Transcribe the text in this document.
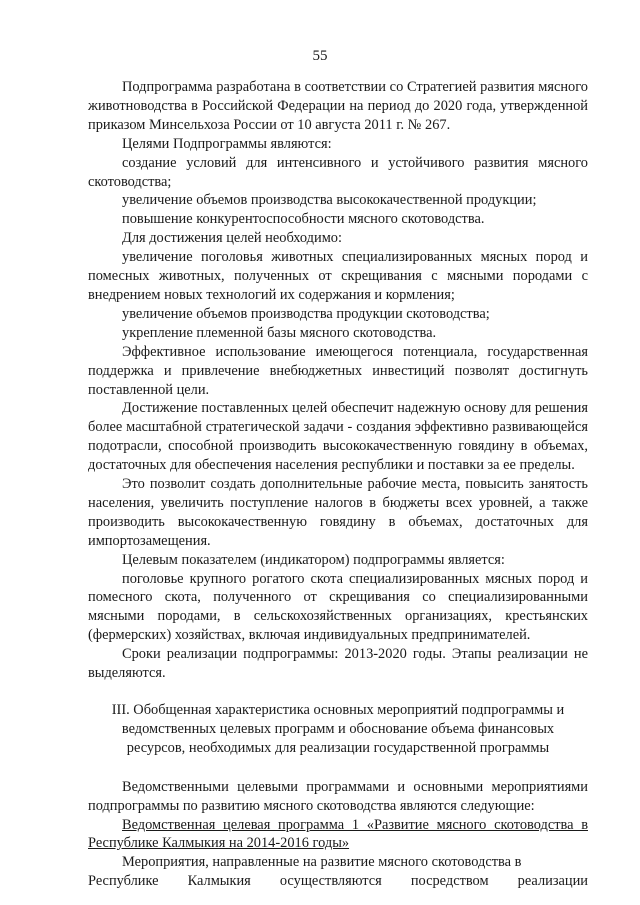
55

Подпрограмма разработана в соответствии со Стратегией развития мясного животноводства в Российской Федерации на период до 2020 года, утвержденной приказом Минсельхоза России от 10 августа 2011 г. № 267.

Целями Подпрограммы являются:

создание условий для интенсивного и устойчивого развития мясного скотоводства;

увеличение объемов производства высококачественной продукции;

повышение конкурентоспособности мясного скотоводства.

Для достижения целей необходимо:

увеличение поголовья животных специализированных мясных пород и помесных животных, полученных от скрещивания с мясными породами с внедрением новых технологий их содержания и кормления;

увеличение объемов производства продукции скотоводства;

укрепление племенной базы мясного скотоводства.

Эффективное использование имеющегося потенциала, государственная поддержка и привлечение внебюджетных инвестиций позволят достигнуть поставленной цели.

Достижение поставленных целей обеспечит надежную основу для решения более масштабной стратегической задачи - создания эффективно развивающейся подотрасли, способной производить высококачественную говядину в объемах, достаточных для обеспечения населения республики и поставки за ее пределы.

Это позволит создать дополнительные рабочие места, повысить занятость населения, увеличить поступление налогов в бюджеты всех уровней, а также производить высококачественную говядину в объемах, достаточных для импортозамещения.

Целевым показателем (индикатором) подпрограммы является:

поголовье крупного рогатого скота специализированных мясных пород и помесного скота, полученного от скрещивания со специализированными мясными породами, в сельскохозяйственных организациях, крестьянских (фермерских) хозяйствах, включая индивидуальных предпринимателей.

Сроки реализации подпрограммы: 2013-2020 годы. Этапы реализации не выделяются.

III. Обобщенная характеристика основных мероприятий подпрограммы и ведомственных целевых программ и обоснование объема финансовых ресурсов, необходимых для реализации государственной программы

Ведомственными целевыми программами и основными мероприятиями подпрограммы по развитию мясного скотоводства являются следующие:

Ведомственная целевая программа 1 «Развитие мясного скотоводства в Республике Калмыкия на 2014-2016 годы»

Мероприятия, направленные на развитие мясного скотоводства в

Республике Калмыкия осуществляются посредством реализации
